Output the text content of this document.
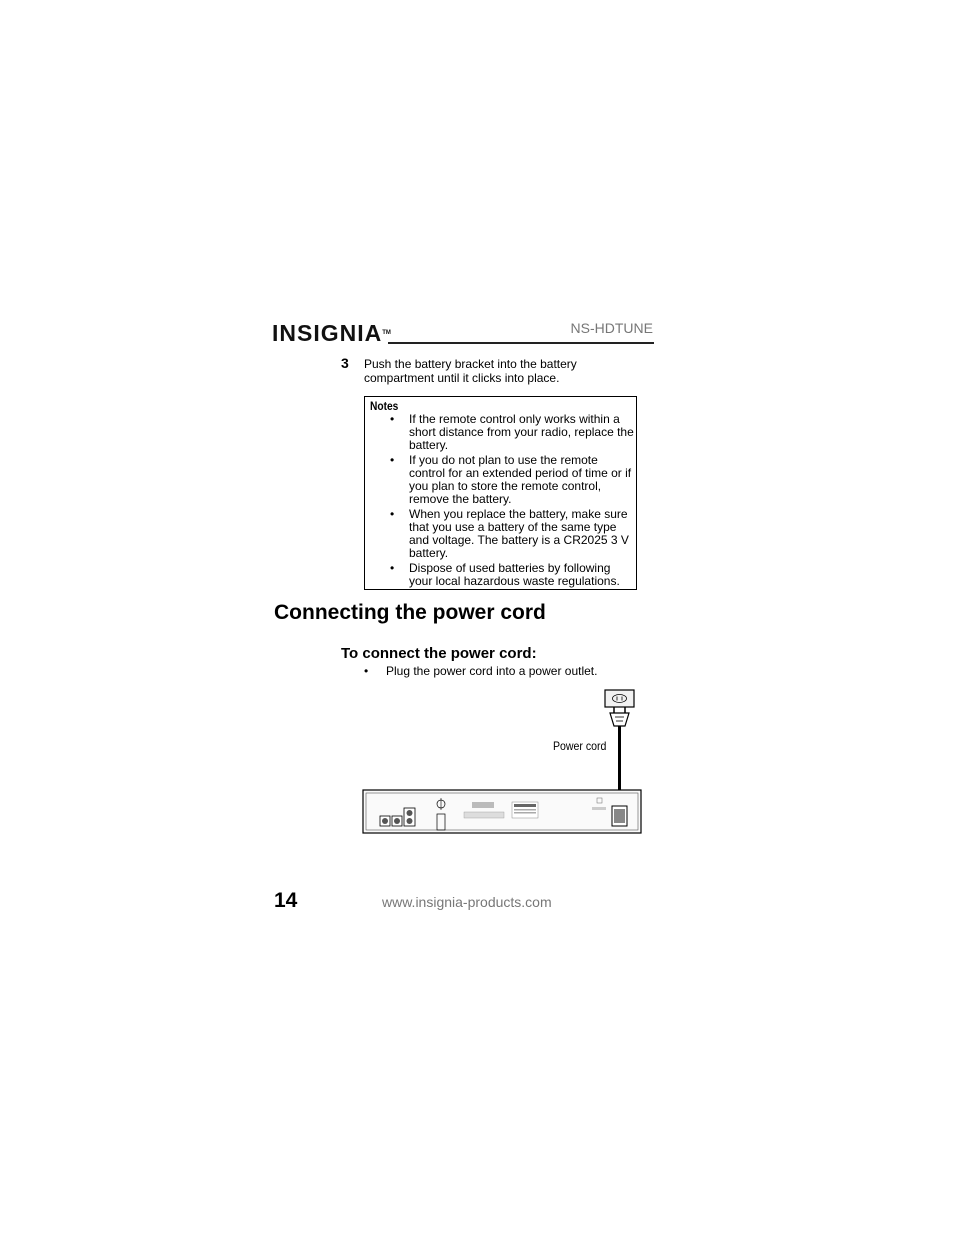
INSIGNIA™	NS-HDTUNE
3 Push the battery bracket into the battery compartment until it clicks into place.
Notes
• If the remote control only works within a short distance from your radio, replace the battery.
• If you do not plan to use the remote control for an extended period of time or if you plan to store the remote control, remove the battery.
• When you replace the battery, make sure that you use a battery of the same type and voltage. The battery is a CR2025 3 V battery.
• Dispose of used batteries by following your local hazardous waste regulations.
Connecting the power cord
To connect the power cord:
• Plug the power cord into a power outlet.
Power cord
14	www.insignia-products.com
